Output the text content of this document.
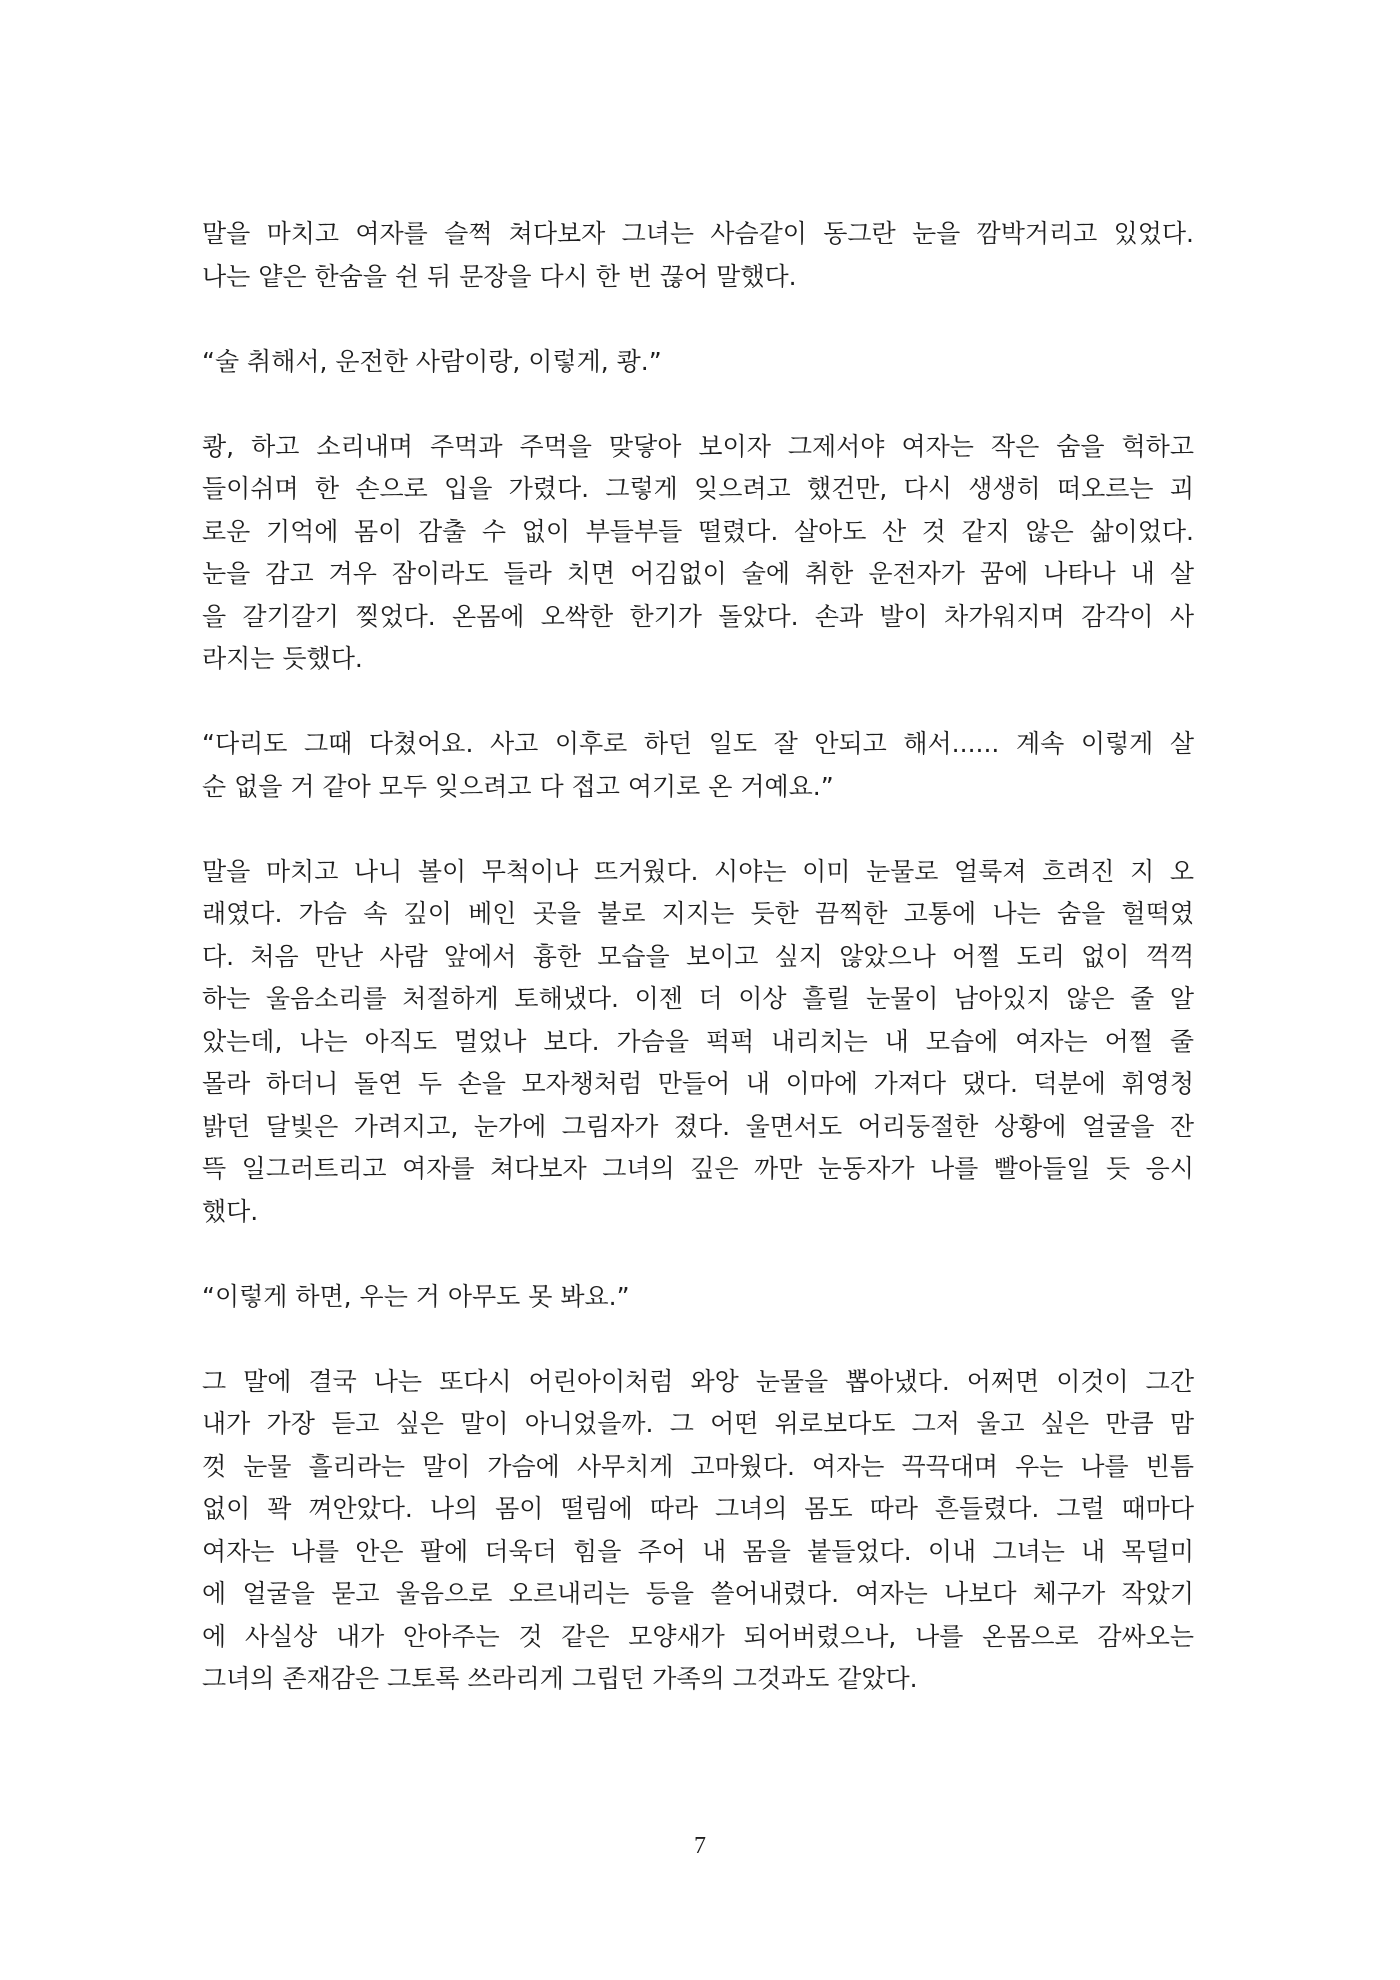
말을 마치고 여자를 슬쩍 쳐다보자 그녀는 사슴같이 동그란 눈을 깜박거리고 있었다.
나는 얕은 한숨을 쉰 뒤 문장을 다시 한 번 끊어 말했다.

“술 취해서, 운전한 사람이랑, 이렇게, 쾅.”

쾅, 하고 소리내며 주먹과 주먹을 맞닿아 보이자 그제서야 여자는 작은 숨을 헉하고
들이쉬며 한 손으로 입을 가렸다. 그렇게 잊으려고 했건만, 다시 생생히 떠오르는 괴
로운 기억에 몸이 감출 수 없이 부들부들 떨렸다. 살아도 산 것 같지 않은 삶이었다.
눈을 감고 겨우 잠이라도 들라 치면 어김없이 술에 취한 운전자가 꿈에 나타나 내 살
을 갈기갈기 찢었다. 온몸에 오싹한 한기가 돌았다. 손과 발이 차가워지며 감각이 사
라지는 듯했다.

“다리도 그때 다쳤어요. 사고 이후로 하던 일도 잘 안되고 해서...... 계속 이렇게 살
순 없을 거 같아 모두 잊으려고 다 접고 여기로 온 거예요.”

말을 마치고 나니 볼이 무척이나 뜨거웠다. 시야는 이미 눈물로 얼룩져 흐려진 지 오
래였다. 가슴 속 깊이 베인 곳을 불로 지지는 듯한 끔찍한 고통에 나는 숨을 헐떡였
다. 처음 만난 사람 앞에서 흉한 모습을 보이고 싶지 않았으나 어쩔 도리 없이 꺽꺽
하는 울음소리를 처절하게 토해냈다. 이젠 더 이상 흘릴 눈물이 남아있지 않은 줄 알
았는데, 나는 아직도 멀었나 보다. 가슴을 퍽퍽 내리치는 내 모습에 여자는 어쩔 줄
몰라 하더니 돌연 두 손을 모자챙처럼 만들어 내 이마에 가져다 댔다. 덕분에 휘영청
밝던 달빛은 가려지고, 눈가에 그림자가 졌다. 울면서도 어리둥절한 상황에 얼굴을 잔
뜩 일그러트리고 여자를 쳐다보자 그녀의 깊은 까만 눈동자가 나를 빨아들일 듯 응시
했다.

“이렇게 하면, 우는 거 아무도 못 봐요.”

그 말에 결국 나는 또다시 어린아이처럼 와앙 눈물을 뽑아냈다. 어쩌면 이것이 그간
내가 가장 듣고 싶은 말이 아니었을까. 그 어떤 위로보다도 그저 울고 싶은 만큼 맘
껏 눈물 흘리라는 말이 가슴에 사무치게 고마웠다. 여자는 끅끅대며 우는 나를 빈틈
없이 꽉 껴안았다. 나의 몸이 떨림에 따라 그녀의 몸도 따라 흔들렸다. 그럴 때마다
여자는 나를 안은 팔에 더욱더 힘을 주어 내 몸을 붙들었다. 이내 그녀는 내 목덜미
에 얼굴을 묻고 울음으로 오르내리는 등을 쓸어내렸다. 여자는 나보다 체구가 작았기
에 사실상 내가 안아주는 것 같은 모양새가 되어버렸으나, 나를 온몸으로 감싸오는
그녀의 존재감은 그토록 쓰라리게 그립던 가족의 그것과도 같았다.

7
